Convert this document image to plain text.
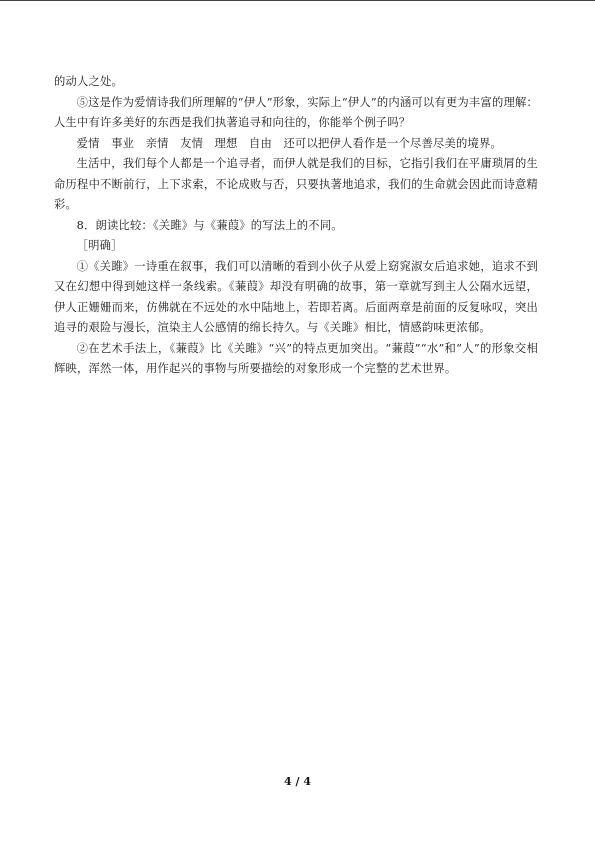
的动人之处。

⑤这是作为爱情诗我们所理解的“伊人”形象，实际上“伊人”的内涵可以有更为丰富的理解：人生中有许多美好的东西是我们执著追寻和向往的，你能举个例子吗？

爱情　事业　亲情　友情　理想　自由　还可以把伊人看作是一个尽善尽美的境界。

生活中，我们每个人都是一个追寻者，而伊人就是我们的目标，它指引我们在平庸琐屑的生命历程中不断前行，上下求索，不论成败与否，只要执著地追求，我们的生命就会因此而诗意精彩。

8．朗读比较：《关雎》与《蒹葭》的写法上的不同。

［明确］

①《关雎》一诗重在叙事，我们可以清晰的看到小伙子从爱上窈窕淑女后追求她，追求不到又在幻想中得到她这样一条线索。《蒹葭》却没有明确的故事，第一章就写到主人公隔水远望，伊人正姗姗而来，仿佛就在不远处的水中陆地上，若即若离。后面两章是前面的反复咏叹，突出追寻的艰险与漫长，渲染主人公感情的绵长持久。与《关雎》相比，情感韵味更浓郁。

②在艺术手法上，《蒹葭》比《关雎》“兴”的特点更加突出。“蒹葭”“水”和“人”的形象交相辉映，浑然一体，用作起兴的事物与所要描绘的对象形成一个完整的艺术世界。

4 / 4
